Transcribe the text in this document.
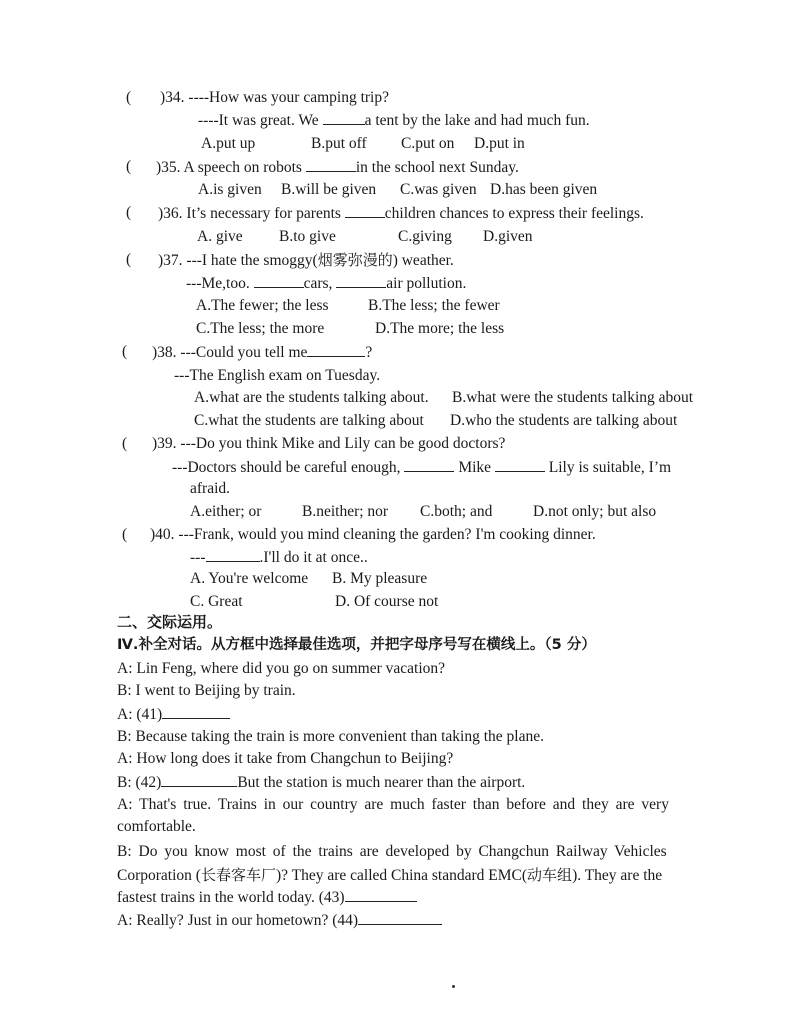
( )34. ----How was your camping trip?
----It was great. We	a tent by the lake and had much fun.
A.put up	B.put off C.put on D.put in
( )35. A speech on robots	in the school next Sunday.
A.is given B.will be given C.was given D.has been given
( )36. It’s necessary for parents	children chances to express their feelings.
A. give B.to give	C.giving D.given
( )37. ---I hate the smoggy(烟雾弥漫的) weather.
---Me,too.	cars,	air pollution.
A.The fewer; the less	B.The less; the fewer
C.The less; the more	D.The more; the less
( )38. ---Could you tell me	?
---The English exam on Tuesday.
A.what are the students talking about. B.what were the students talking about
C.what the students are talking about D.who the students are talking about
( )39. ---Do you think Mike and Lily can be good doctors?
---Doctors should be careful enough,	Mike	Lily is suitable, I’m
afraid.
A.either; or	B.neither; nor C.both; and	D.not only; but also
( )40. ---Frank, would you mind cleaning the garden? I'm cooking dinner.
---	.I'll do it at once..
A. You're welcome B. My pleasure
C. Great	D. Of course not
二、交际运用。
Ⅳ.补全对话。从方框中选择最佳选项，并把字母序号写在横线上。（5 分）
A: Lin Feng, where did you go on summer vacation?
B: I went to Beijing by train.
A: (41)
B: Because taking the train is more convenient than taking the plane.
A: How long does it take from Changchun to Beijing?
B: (42)	But the station is much nearer than the airport.
A: That's true. Trains in our country are much faster than before and they are very
comfortable.
B: Do you know most of the trains are developed by Changchun Railway Vehicles
Corporation (长春客车厂)? They are called China standard EMC(动车组). They are the
fastest trains in the world today. (43)
A: Really? Just in our hometown? (44)
